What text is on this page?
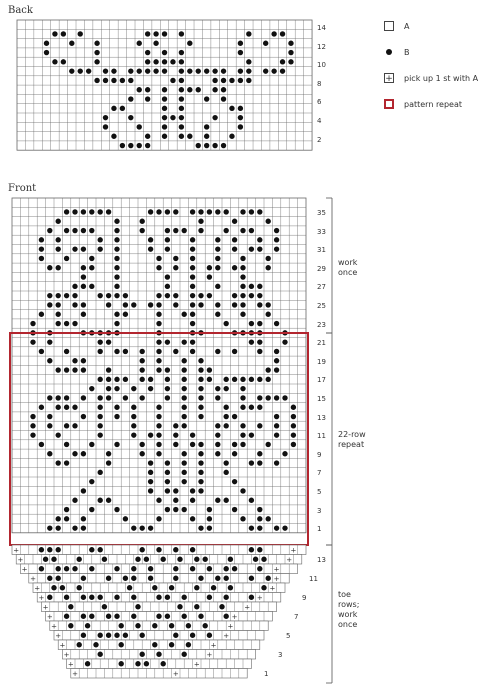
Back
Front
+	+
+	+
+	+
+	+
+	+
+	+
+	+
+	+
+	+
+	+
+	+
+	+
+	+
+	+
14
12
10
8
6
4
2
35
33
31
29
27
25
23
21
19
17
15
13
11
9
7
5
3
1
13
11
9
7
5
3
1
work
once
22-row
repeat
toe
rows;
work
once
A
B
+ pick up 1 st with A
pattern repeat
